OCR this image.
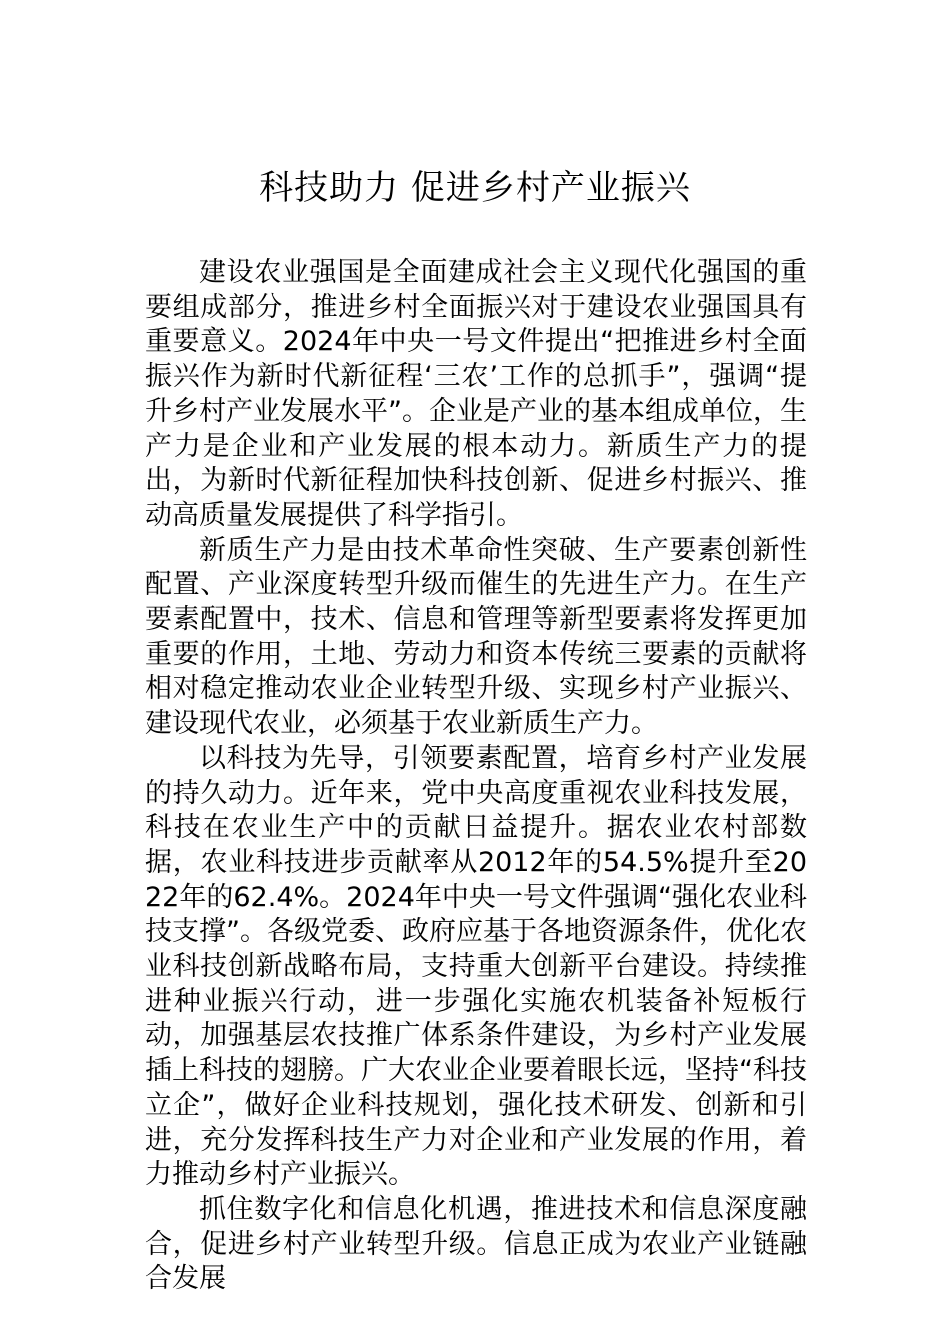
科技助力 促进乡村产业振兴

建设农业强国是全面建成社会主义现代化强国的重要组成部分，推进乡村全面振兴对于建设农业强国具有重要意义。2024年中央一号文件提出“把推进乡村全面振兴作为新时代新征程‘三农’工作的总抓手”，强调“提升乡村产业发展水平”。企业是产业的基本组成单位，生产力是企业和产业发展的根本动力。新质生产力的提出，为新时代新征程加快科技创新、促进乡村振兴、推动高质量发展提供了科学指引。

新质生产力是由技术革命性突破、生产要素创新性配置、产业深度转型升级而催生的先进生产力。在生产要素配置中，技术、信息和管理等新型要素将发挥更加重要的作用，土地、劳动力和资本传统三要素的贡献将相对稳定推动农业企业转型升级、实现乡村产业振兴、建设现代农业，必须基于农业新质生产力。

以科技为先导，引领要素配置，培育乡村产业发展的持久动力。近年来，党中央高度重视农业科技发展，科技在农业生产中的贡献日益提升。据农业农村部数据，农业科技进步贡献率从2012年的54.5%提升至2022年的62.4%。2024年中央一号文件强调“强化农业科技支撑”。各级党委、政府应基于各地资源条件，优化农业科技创新战略布局，支持重大创新平台建设。持续推进种业振兴行动，进一步强化实施农机装备补短板行动，加强基层农技推广体系条件建设，为乡村产业发展插上科技的翅膀。广大农业企业要着眼长远，坚持“科技立企”，做好企业科技规划，强化技术研发、创新和引进，充分发挥科技生产力对企业和产业发展的作用，着力推动乡村产业振兴。

抓住数字化和信息化机遇，推进技术和信息深度融合，促进乡村产业转型升级。信息正成为农业产业链融合发展
